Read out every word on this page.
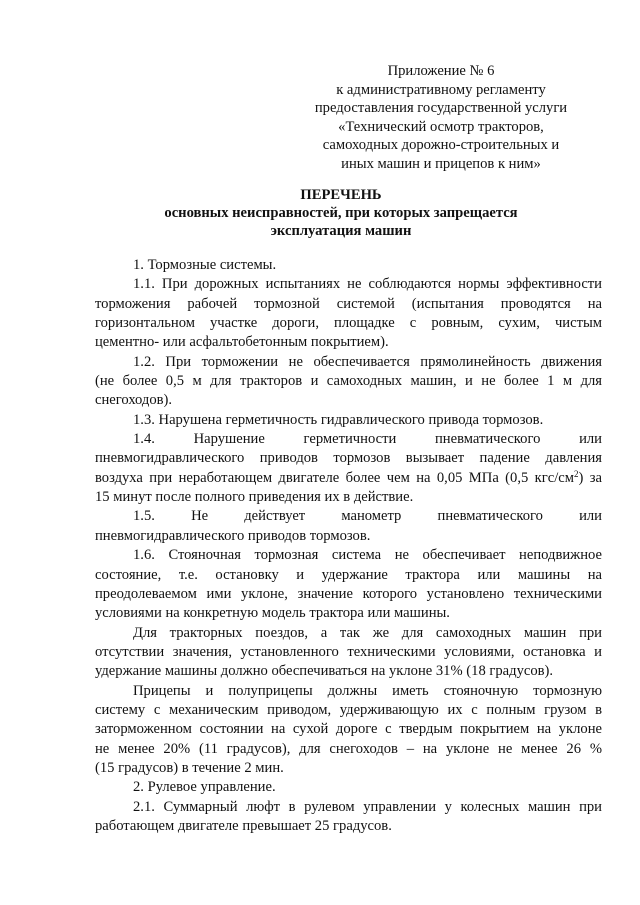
Приложение № 6
к административному регламенту
предоставления государственной услуги
«Технический осмотр тракторов,
самоходных дорожно-строительных и
иных машин и прицепов к ним»
ПЕРЕЧЕНЬ
основных неисправностей, при которых запрещается
эксплуатация машин

1. Тормозные системы.

1.1. При дорожных испытаниях не соблюдаются нормы эффективности
торможения рабочей тормозной системой (испытания проводятся на
горизонтальном участке дороги, площадке с ровным, сухим, чистым
цементно- или асфальтобетонным покрытием).

1.2. При торможении не обеспечивается прямолинейность движения
(не более 0,5 м для тракторов и самоходных машин, и не более 1 м для
снегоходов).

1.3. Нарушена герметичность гидравлического привода тормозов.

1.4. Нарушение герметичности пневматического или
пневмогидравлического приводов тормозов вызывает падение давления
воздуха при неработающем двигателе более чем на 0,05 МПа (0,5 кгс/$см^2$) за
15 минут после полного приведения их в действие.

1.5. Не действует манометр пневматического или
пневмогидравлического приводов тормозов.

1.6. Стояночная тормозная система не обеспечивает неподвижное
состояние, т.е. остановку и удержание трактора или машины на
преодолеваемом ими уклоне, значение которого установлено техническими
условиями на конкретную модель трактора или машины.

Для тракторных поездов, а так же для самоходных машин при
отсутствии значения, установленного техническими условиями, остановка и
удержание машины должно обеспечиваться на уклоне 31% (18 градусов).

Прицепы и полуприцепы должны иметь стояночную тормозную
систему с механическим приводом, удерживающую их с полным грузом в
заторможенном состоянии на сухой дороге с твердым покрытием на уклоне
не менее 20% (11 градусов), для снегоходов – на уклоне не менее 26 %
(15 градусов) в течение 2 мин.

2. Рулевое управление.

2.1. Суммарный люфт в рулевом управлении у колесных машин при
работающем двигателе превышает 25 градусов.
